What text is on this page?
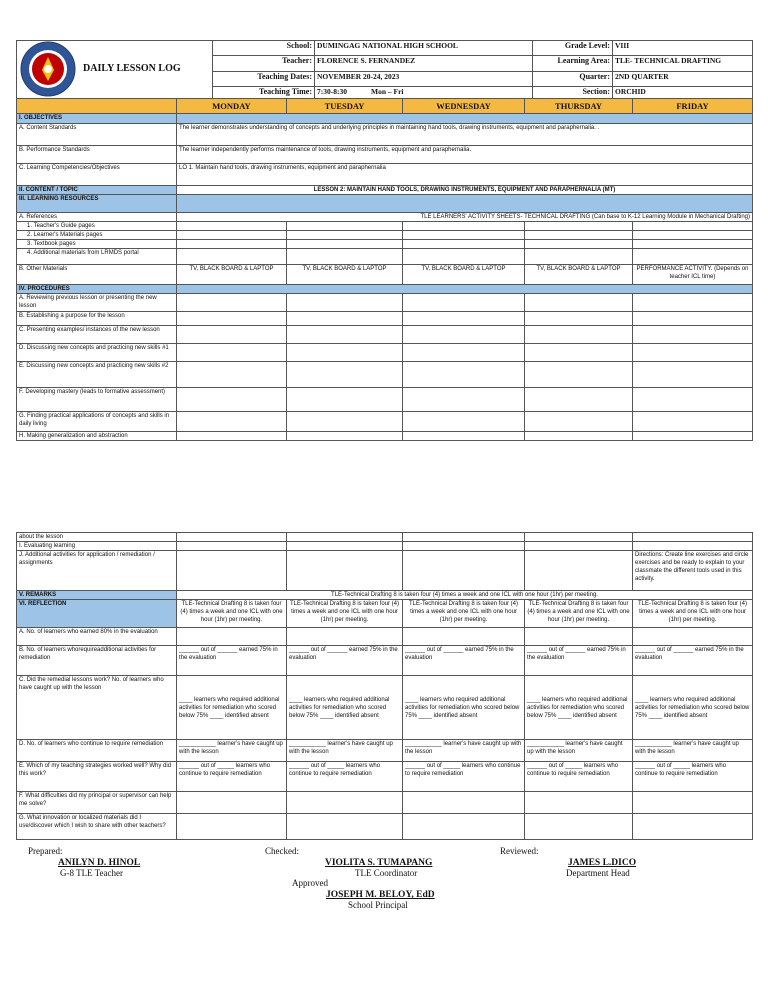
DAILY LESSON LOG	School:	DUMINGAG NATIONAL HIGH SCHOOL	Grade Level:	VIII
	Teacher:	FLORENCE S. FERNANDEZ	Learning Area:	TLE- TECHNICAL DRAFTING
	Teaching Dates:	NOVEMBER 20-24, 2023	Quarter:	2ND QUARTER
	Teaching Time:	7:30-8:30 Mon – Fri	Section:	ORCHID
	MONDAY	TUESDAY	WEDNESDAY	THURSDAY	FRIDAY
I. OBJECTIVES					
A. Content Standards	The learner demonstrates understanding of concepts and underlying principles in maintaining hand tools, drawing instruments, equipment and paraphernalia. .				
B. Performance Standards	The learner independently performs maintenance of tools, drawing instruments, equipment and paraphernalia.				
C. Learning Competencies/Objectives	LO 1. Maintain hand tools, drawing instruments, equipment and paraphernalia				
II. CONTENT / TOPIC	LESSON 2: MAINTAIN HAND TOOLS, DRAWING INSTRUMENTS, EQUIPMENT AND PARAPHERNALIA (MT)				
III. LEARNING RESOURCES					
A. References	TLE LEARNERS' ACTIVITY SHEETS- TECHNICAL DRAFTING (Can base to K-12 Learning Module in Mechanical Drafting)				
1. Teacher's Guide pages					
2. Learner's Materials pages					
3. Textbook pages					
4. Additional materials from LRMDS portal					
B. Other Materials	TV, BLACK BOARD & LAPTOP	TV, BLACK BOARD & LAPTOP	TV, BLACK BOARD & LAPTOP	TV, BLACK BOARD & LAPTOP	PERFORMANCE ACTIVITY. (Depends on teacher ICL time)
IV. PROCEDURES					
A. Reviewing previous lesson or presenting the new lesson					
B. Establishing a purpose for the lesson					
C. Presenting examples/ instances of the new lesson					
D. Discussing new concepts and practicing new skills #1					
E. Discussing new concepts and practicing new skills #2					
F. Developing mastery (leads to formative assessment)					
G. Finding practical applications of concepts and skills in daily living					
H. Making generalization and abstraction					
about the lesson					
I. Evaluating learning					
J. Additional activities for application / remediation / assignments					Directions: Create line exercises and circle exercises and be ready to explain to your classmate the different tools used in this activity.
V. REMARKS	TLE-Technical Drafting 8 is taken four (4) times a week and one ICL with one hour (1hr) per meeting.				
VI. REFLECTION	TLE-Technical Drafting 8 is taken four (4) times a week and one ICL with one hour (1hr) per meeting.	TLE-Technical Drafting 8 is taken four (4) times a week and one ICL with one hour (1hr) per meeting.	TLE-Technical Drafting 8 is taken four (4) times a week and one ICL with one hour (1hr) per meeting.	TLE-Technical Drafting 8 is taken four (4) times a week and one ICL with one hour (1hr) per meeting.	TLE-Technical Drafting 8 is taken four (4) times a week and one ICL with one hour (1hr) per meeting.
A. No. of learners who earned 80% in the evaluation					
B. No. of learners whorequireadditional activities for remediation	______ out of ______ earned 75% in the evaluation	______ out of ______ earned 75% in the evaluation	______ out of ______ earned 75% in the evaluation	______ out of ______ earned 75% in the evaluation	______ out of ______ earned 75% in the evaluation
C. Did the remedial lessons work? No. of learners who have caught up with the lesson	____ learners who required additional activities for remediation who scored below 75% ____ identified absent	____ learners who required additional activities for remediation who scored below 75% ____ identified absent	____ learners who required additional activities for remediation who scored below 75% ____ identified absent	____ learners who required additional activities for remediation who scored below 75% ____ identified absent	____ learners who required additional activities for remediation who scored below 75% ____ identified absent
D. No. of learners who continue to require remediation	___________ learner's have caught up with the lesson	___________ learner's have caught up with the lesson	___________ learner's have caught up with the lesson	___________ learner's have caught up with the lesson	___________ learner's have caught up with the lesson
E. Which of my teaching strategies worked well? Why did this work?	______ out of _____ learners who continue to require remediation	______ out of _____ learners who continue to require remediation	______ out of _____ learners who continue to require remediation	______ out of _____ learners who continue to require remediation	______ out of _____ learners who continue to require remediation
F. What difficulties did my principal or supervisor can help me solve?					
G. What innovation or localized materials did I use/discover which I wish to share with other teachers?					
Prepared:
ANILYN D. HINOL
G-8 TLE Teacher
Checked:
VIOLITA S. TUMAPANG
TLE Coordinator
Reviewed:
JAMES L.DICO
Department Head
Approved
JOSEPH M. BELOY, EdD
School Principal
